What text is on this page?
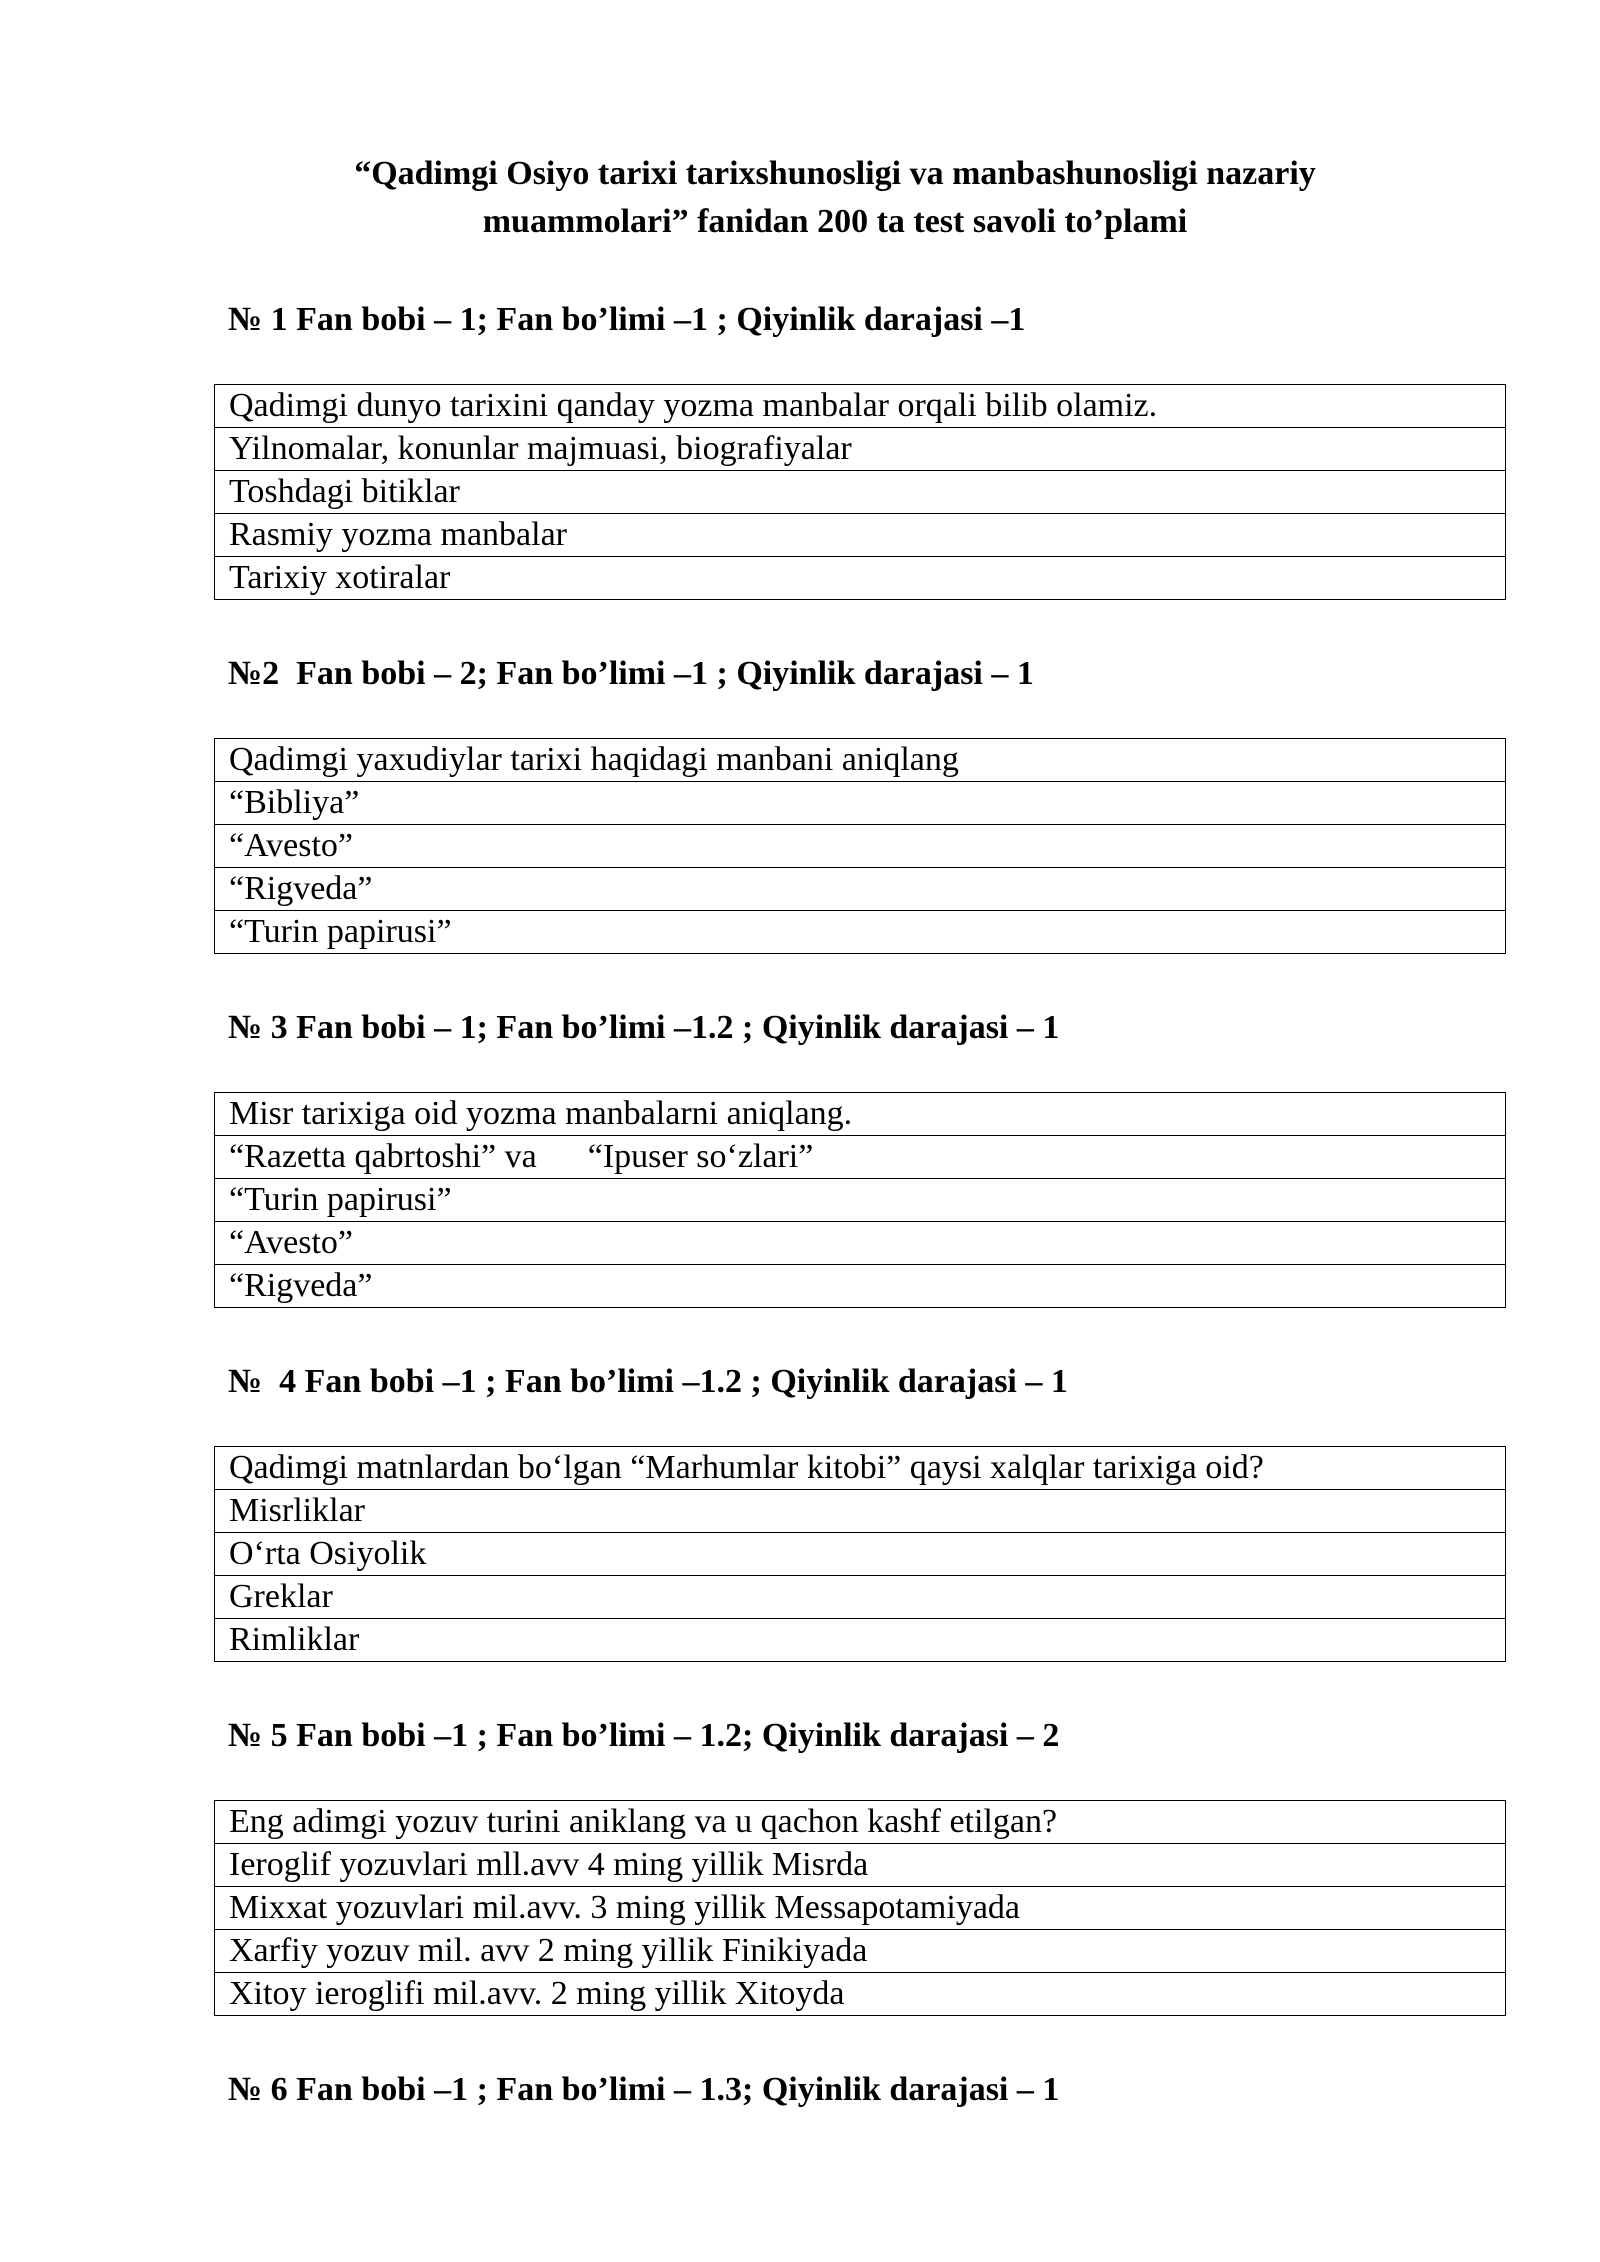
“Qadimgi Osiyo tarixi tarixshunosligi va manbashunosligi nazariy
muammolari” fanidan 200 ta test savoli to’plami
№ 1 Fan bobi – 1; Fan bo’limi –1 ; Qiyinlik darajasi –1
Qadimgi dunyo tarixini qanday yozma manbalar orqali bilib olamiz.
Yilnomalar, konunlar majmuasi, biografiyalar
Toshdagi bitiklar
Rasmiy yozma manbalar
Tarixiy xotiralar
№2  Fan bobi – 2; Fan bo’limi –1 ; Qiyinlik darajasi – 1
Qadimgi yaxudiylar tarixi haqidagi manbani aniqlang
“Bibliya”
“Avesto”
“Rigveda”
“Turin papirusi”
№ 3 Fan bobi – 1; Fan bo’limi –1.2 ; Qiyinlik darajasi – 1
Misr tarixiga oid yozma manbalarni aniqlang.
“Razetta qabrtoshi” va      “Ipuser so‘zlari”
“Turin papirusi”
“Avesto”
“Rigveda”
№  4 Fan bobi –1 ; Fan bo’limi –1.2 ; Qiyinlik darajasi – 1
Qadimgi matnlardan bo‘lgan “Marhumlar kitobi” qaysi xalqlar tarixiga oid?
Misrliklar
O‘rta Osiyolik
Greklar
Rimliklar
№ 5 Fan bobi –1 ; Fan bo’limi – 1.2; Qiyinlik darajasi – 2
Eng adimgi yozuv turini aniklang va u qachon kashf etilgan?
Ieroglif yozuvlari mll.avv 4 ming yillik Misrda
Mixxat yozuvlari mil.avv. 3 ming yillik Messapotamiyada
Xarfiy yozuv mil. avv 2 ming yillik Finikiyada
Xitoy ieroglifi mil.avv. 2 ming yillik Xitoyda
№ 6 Fan bobi –1 ; Fan bo’limi – 1.3; Qiyinlik darajasi – 1
